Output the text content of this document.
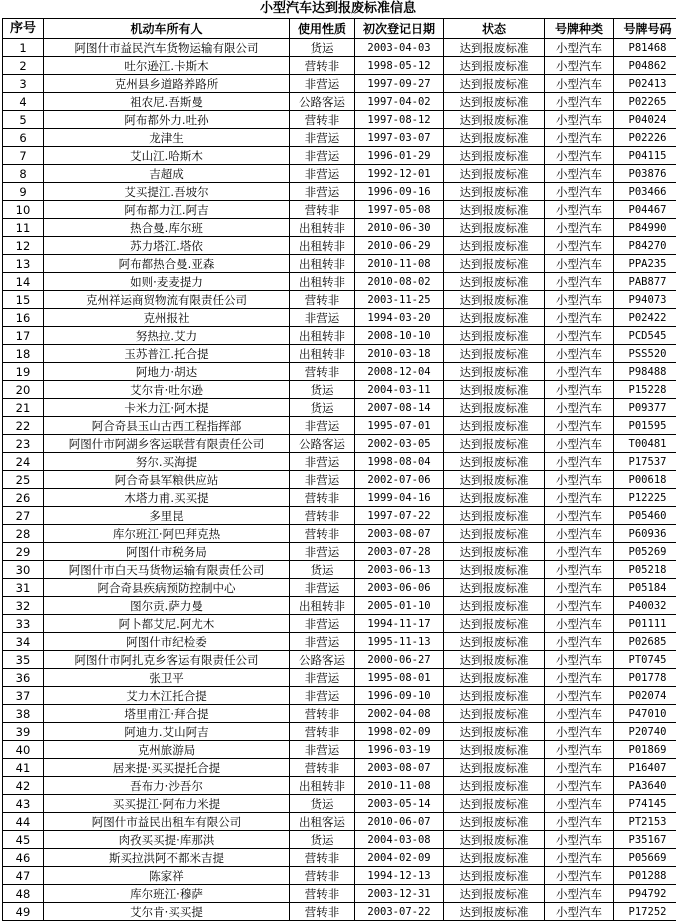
小型汽车达到报废标准信息
序号	机动车所有人	使用性质	初次登记日期	状态	号牌种类	号牌号码
1	阿图什市益民汽车货物运输有限公司	货运	2003-04-03	达到报废标准	小型汽车	P81468
2	吐尔逊江.卡斯木	营转非	1998-05-12	达到报废标准	小型汽车	P04862
3	克州县乡道路养路所	非营运	1997-09-27	达到报废标准	小型汽车	P02413
4	祖农尼.吾斯曼	公路客运	1997-04-02	达到报废标准	小型汽车	P02265
5	阿布都外力.吐孙	营转非	1997-08-12	达到报废标准	小型汽车	P04024
6	龙津生	非营运	1997-03-07	达到报废标准	小型汽车	P02226
7	艾山江.哈斯木	非营运	1996-01-29	达到报废标准	小型汽车	P04115
8	吉超成	非营运	1992-12-01	达到报废标准	小型汽车	P03876
9	艾买提江.吾坡尔	非营运	1996-09-16	达到报废标准	小型汽车	P03466
10	阿布都力江.阿吉	营转非	1997-05-08	达到报废标准	小型汽车	P04467
11	热合曼.库尔班	出租转非	2010-06-30	达到报废标准	小型汽车	P84990
12	苏力塔江.塔依	出租转非	2010-06-29	达到报废标准	小型汽车	P84270
13	阿布都热合曼.亚森	出租转非	2010-11-08	达到报废标准	小型汽车	PPA235
14	如则·麦麦提力	出租转非	2010-08-02	达到报废标准	小型汽车	PAB877
15	克州祥运商贸物流有限责任公司	营转非	2003-11-25	达到报废标准	小型汽车	P94073
16	克州报社	非营运	1994-03-20	达到报废标准	小型汽车	P02422
17	努热拉.艾力	出租转非	2008-10-10	达到报废标准	小型汽车	PCD545
18	玉苏普江.托合提	出租转非	2010-03-18	达到报废标准	小型汽车	PSS520
19	阿地力·胡达	营转非	2008-12-04	达到报废标准	小型汽车	P98488
20	艾尔肯·吐尔逊	货运	2004-03-11	达到报废标准	小型汽车	P15228
21	卡米力江·阿木提	货运	2007-08-14	达到报废标准	小型汽车	P09377
22	阿合奇县玉山古西工程指挥部	非营运	1995-07-01	达到报废标准	小型汽车	P01595
23	阿图什市阿湖乡客运联营有限责任公司	公路客运	2002-03-05	达到报废标准	小型汽车	T00481
24	努尔.买海提	非营运	1998-08-04	达到报废标准	小型汽车	P17537
25	阿合奇县军粮供应站	非营运	2002-07-06	达到报废标准	小型汽车	P00618
26	木塔力甫.买买提	营转非	1999-04-16	达到报废标准	小型汽车	P12225
27	多里昆	营转非	1997-07-22	达到报废标准	小型汽车	P05460
28	库尔班江·阿巴拜克热	营转非	2003-08-07	达到报废标准	小型汽车	P60936
29	阿图什市税务局	非营运	2003-07-28	达到报废标准	小型汽车	P05269
30	阿图什市白天马货物运输有限责任公司	货运	2003-06-13	达到报废标准	小型汽车	P05218
31	阿合奇县疾病预防控制中心	非营运	2003-06-06	达到报废标准	小型汽车	P05184
32	图尔贡.萨力曼	出租转非	2005-01-10	达到报废标准	小型汽车	P40032
33	阿卜都艾尼.阿尤木	非营运	1994-11-17	达到报废标准	小型汽车	P01111
34	阿图什市纪检委	非营运	1995-11-13	达到报废标准	小型汽车	P02685
35	阿图什市阿扎克乡客运有限责任公司	公路客运	2000-06-27	达到报废标准	小型汽车	PT0745
36	张卫平	非营运	1995-08-01	达到报废标准	小型汽车	P01778
37	艾力木江托合提	非营运	1996-09-10	达到报废标准	小型汽车	P02074
38	塔里甫江·拜合提	营转非	2002-04-08	达到报废标准	小型汽车	P47010
39	阿迪力.艾山阿吉	营转非	1998-02-09	达到报废标准	小型汽车	P20740
40	克州旅游局	非营运	1996-03-19	达到报废标准	小型汽车	P01869
41	居来提·买买提托合提	营转非	2003-08-07	达到报废标准	小型汽车	P16407
42	吾布力·沙吾尔	出租转非	2010-11-08	达到报废标准	小型汽车	PA3640
43	买买提江·阿布力米提	货运	2003-05-14	达到报废标准	小型汽车	P74145
44	阿图什市益民出租车有限公司	出租客运	2010-06-07	达到报废标准	小型汽车	PT2153
45	肉孜买买提·库那洪	货运	2004-03-08	达到报废标准	小型汽车	P35167
46	斯买拉洪阿不都米吉提	营转非	2004-02-09	达到报废标准	小型汽车	P05669
47	陈家祥	营转非	1994-12-13	达到报废标准	小型汽车	P01288
48	库尔班江·穆萨	营转非	2003-12-31	达到报废标准	小型汽车	P94792
49	艾尔肯·买买提	营转非	2003-07-22	达到报废标准	小型汽车	P17252
